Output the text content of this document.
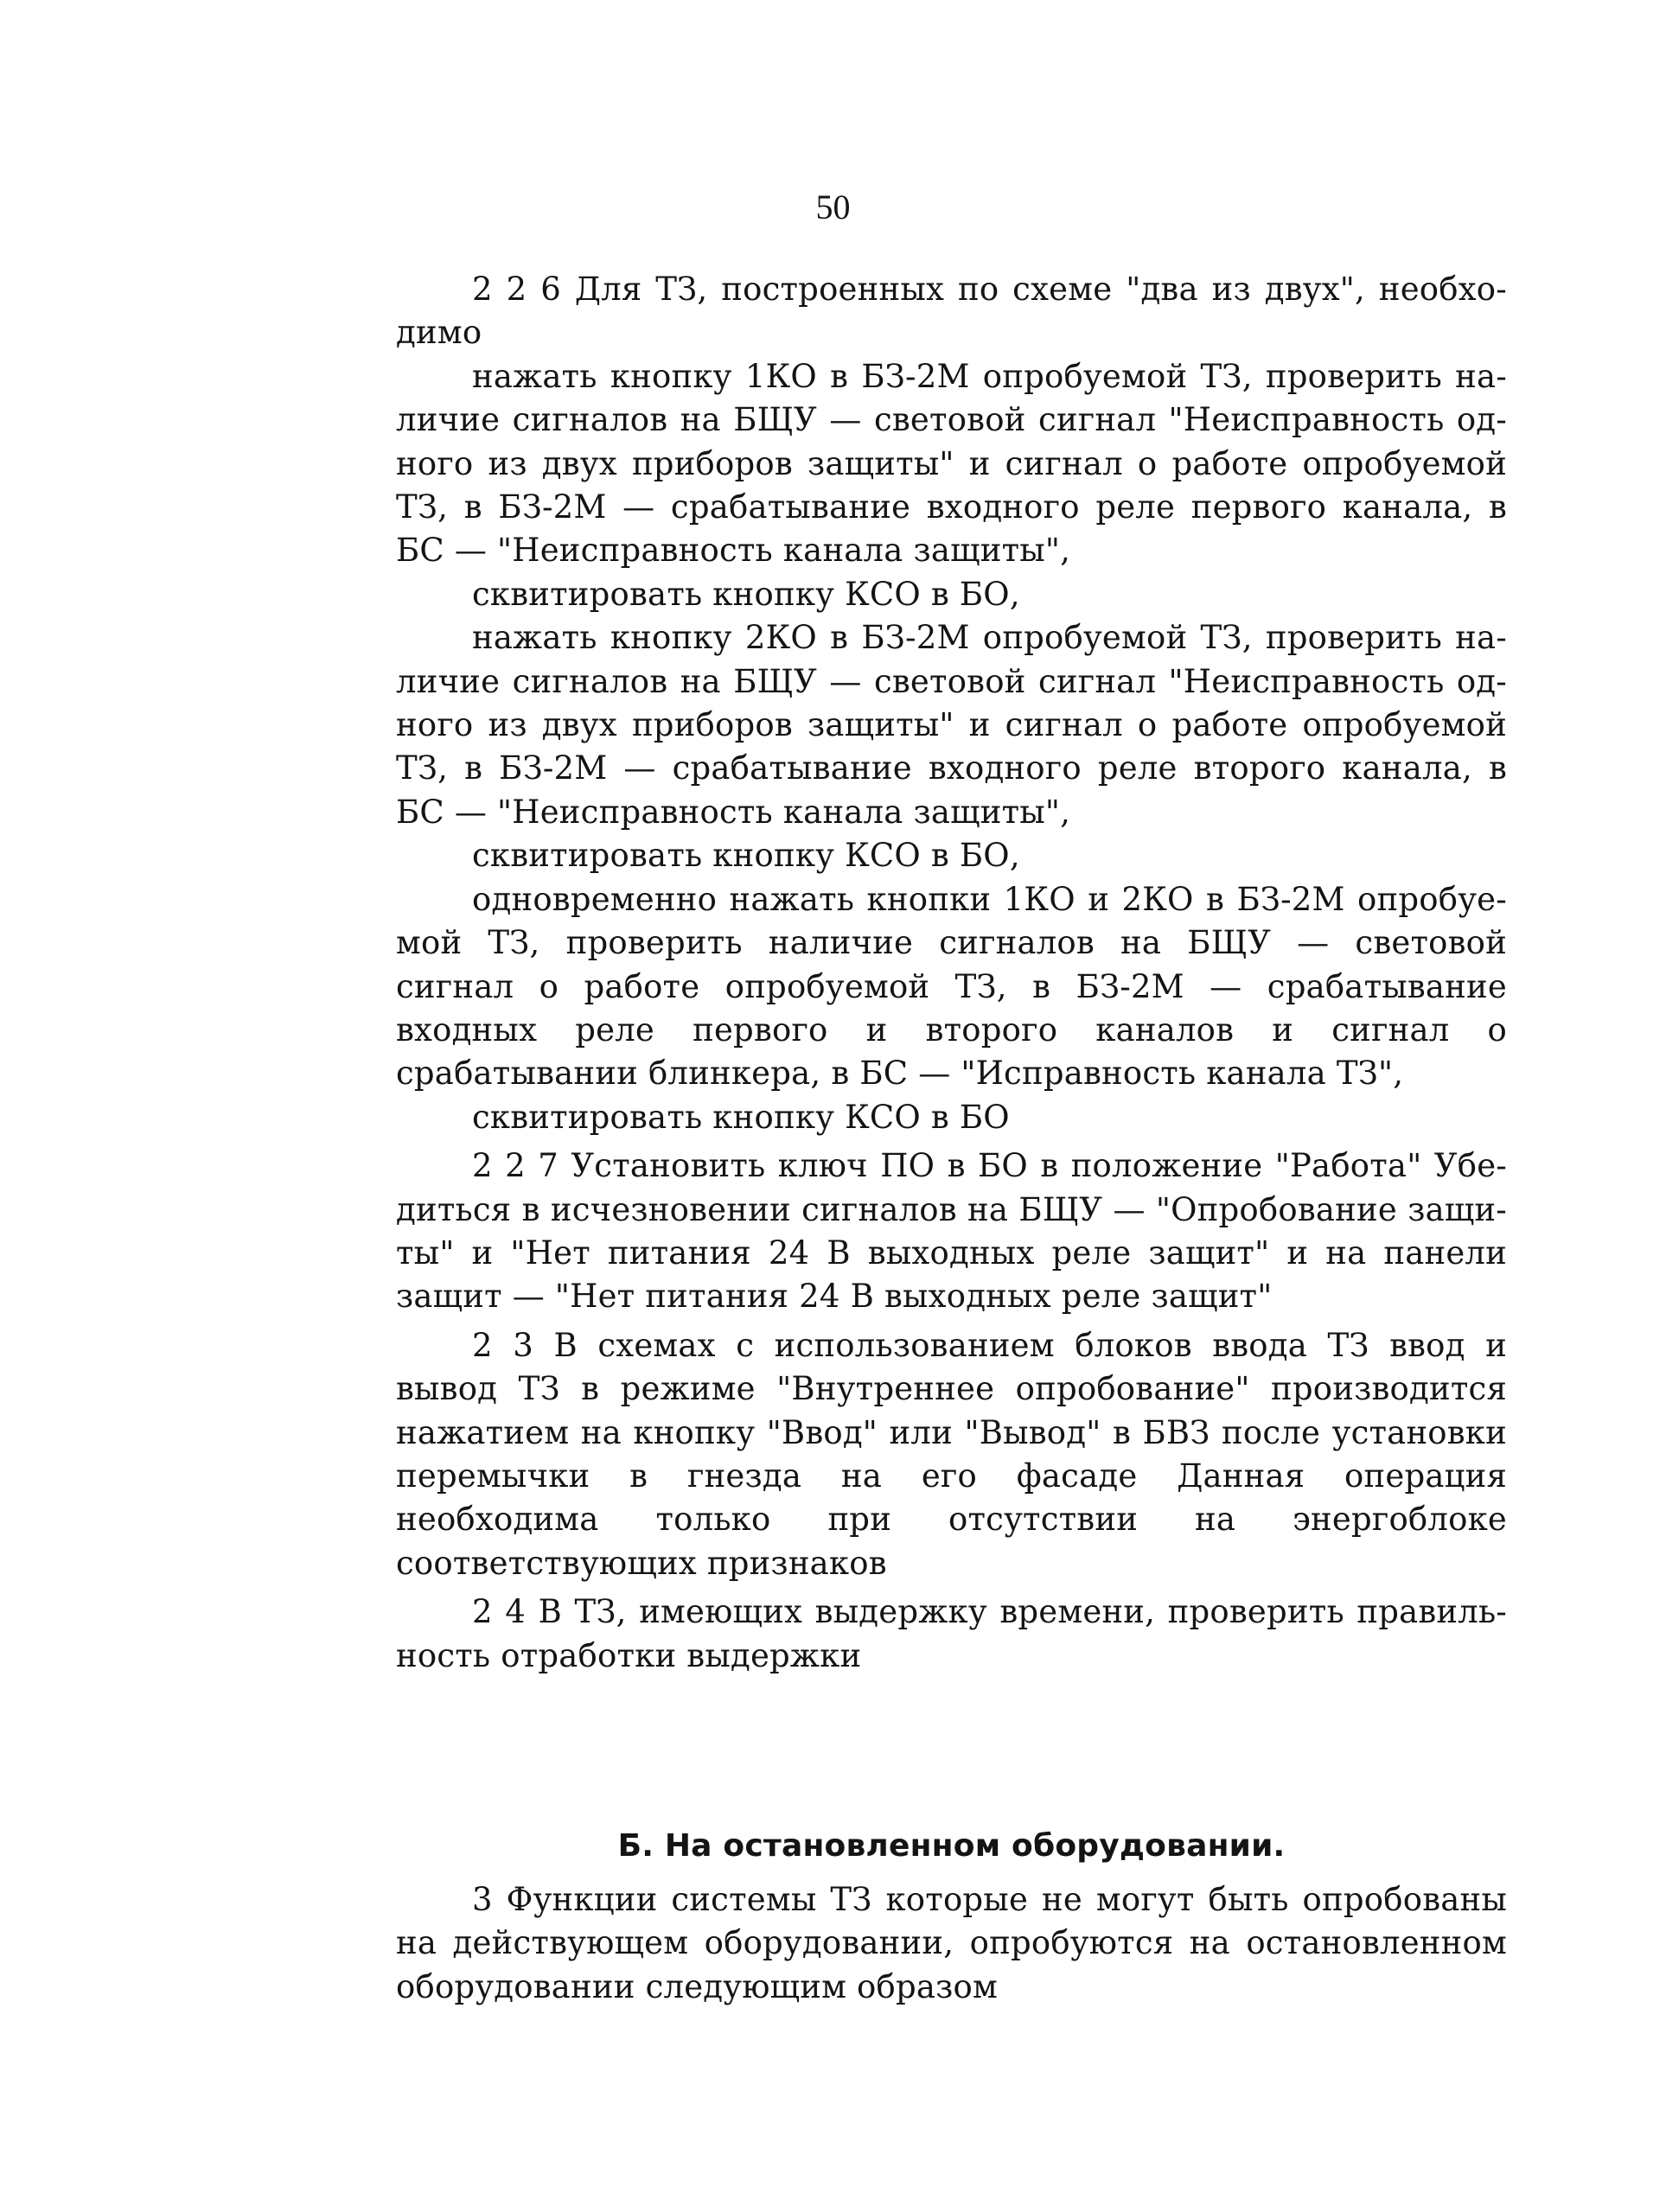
50

2 2 6 Для ТЗ, построенных по схеме "два из двух", необхо-димо

нажать кнопку 1КО в БЗ-2М опробуемой ТЗ, проверить на-личие сигналов на БЩУ — световой сигнал "Неисправность од-ного из двух приборов защиты" и сигнал о работе опробуемой ТЗ, в БЗ-2М — срабатывание входного реле первого канала, в БС — "Неисправность канала защиты",

сквитировать кнопку КСО в БО,

нажать кнопку 2КО в БЗ-2М опробуемой ТЗ, проверить на-личие сигналов на БЩУ — световой сигнал "Неисправность од-ного из двух приборов защиты" и сигнал о работе опробуемой ТЗ, в БЗ-2М — срабатывание входного реле второго канала, в БС — "Неисправность канала защиты",

сквитировать кнопку КСО в БО,

одновременно нажать кнопки 1КО и 2КО в БЗ-2М опробуе-мой ТЗ, проверить наличие сигналов на БЩУ — световой сигнал о работе опробуемой ТЗ, в БЗ-2М — срабатывание входных реле первого и второго каналов и сигнал о срабатывании блинкера, в БС — "Исправность канала ТЗ",

сквитировать кнопку КСО в БО

2 2 7 Установить ключ ПО в БО в положение "Работа" Убе-диться в исчезновении сигналов на БЩУ — "Опробование защи-ты" и "Нет питания 24 В выходных реле защит" и на панели защит — "Нет питания 24 В выходных реле защит"

2 3 В схемах с использованием блоков ввода ТЗ ввод и вывод ТЗ в режиме "Внутреннее опробование" производится нажатием на кнопку "Ввод" или "Вывод" в БВЗ после установки перемычки в гнезда на его фасаде Данная операция необходима только при отсутствии на энергоблоке соответствующих признаков

2 4 В ТЗ, имеющих выдержку времени, проверить правиль-ность отработки выдержки

Б. На остановленном оборудовании.

3 Функции системы ТЗ которые не могут быть опробованы на действующем оборудовании, опробуются на остановленном оборудовании следующим образом
